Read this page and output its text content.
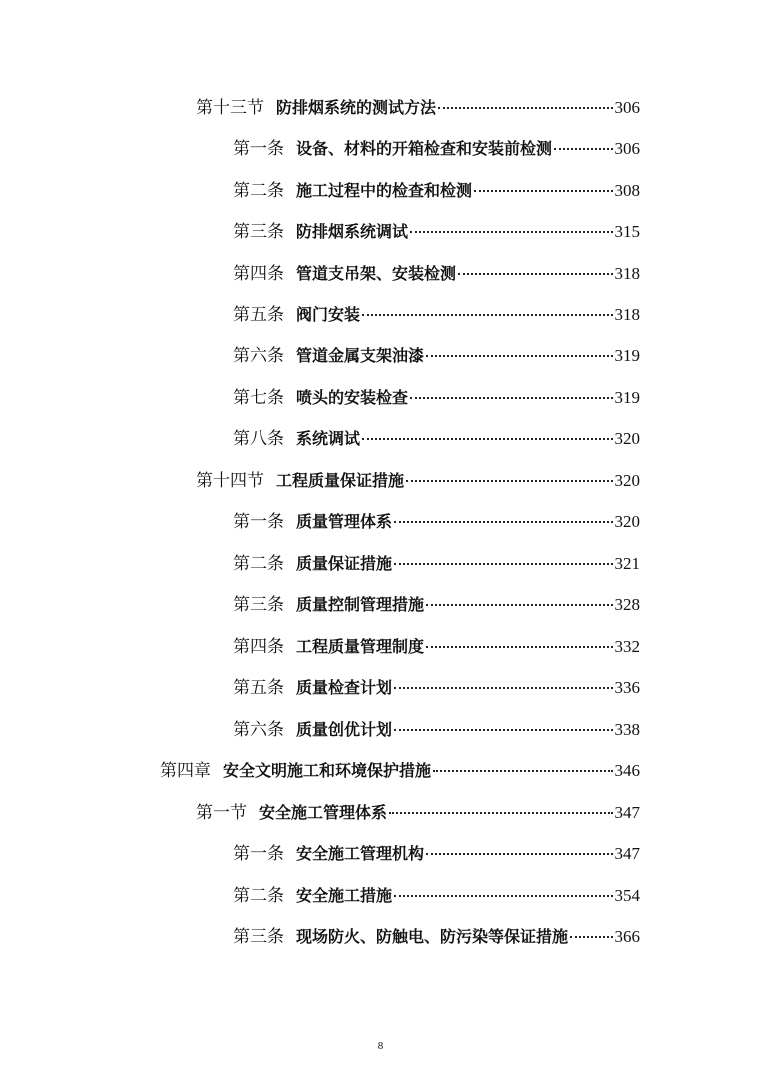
第十三节 防排烟系统的测试方法	306
第一条 设备、材料的开箱检查和安装前检测	306
第二条 施工过程中的检查和检测	308
第三条 防排烟系统调试	315
第四条 管道支吊架、安装检测	318
第五条 阀门安装	318
第六条 管道金属支架油漆	319
第七条 喷头的安装检查	319
第八条 系统调试	320
第十四节 工程质量保证措施	320
第一条 质量管理体系	320
第二条 质量保证措施	321
第三条 质量控制管理措施	328
第四条 工程质量管理制度	332
第五条 质量检查计划	336
第六条 质量创优计划	338
第四章 安全文明施工和环境保护措施	346
第一节 安全施工管理体系	347
第一条 安全施工管理机构	347
第二条 安全施工措施	354
第三条 现场防火、防触电、防污染等保证措施	366
8
